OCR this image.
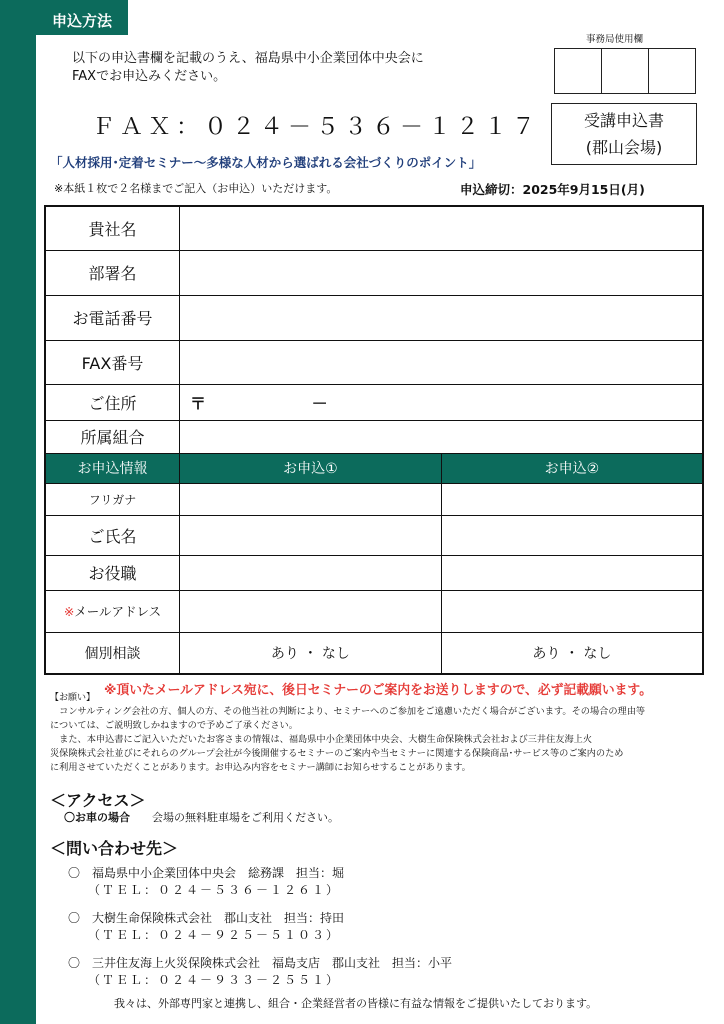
申込方法
以下の申込書欄を記載のうえ、福島県中小企業団体中央会に
FAXでお申込みください。
ＦＡＸ：０２４－５３６－１２１７
事務局使用欄
受講申込書
(郡山会場)
「人材採用･定着セミナー～多様な人材から選ばれる会社づくりのポイント」
※本紙１枚で２名様までご記入（お申込）いただけます。	申込締切：2025年9月15日(月)
貴社名		
部署名		
お電話番号		
FAX番号		
ご住所	〒 －	
所属組合		
お申込情報	お申込①	お申込②
フリガナ		
ご氏名		
お役職		
※メールアドレス		
個別相談	あり ・ なし	あり ・ なし
※頂いたメールアドレス宛に、後日セミナーのご案内をお送りしますので、必ず記載願います。
【お願い】

　コンサルティング会社の方、個人の方、その他当社の判断により、セミナーへのご参加をご遠慮いただく場合がございます。その場合の理由等

については、ご説明致しかねますので予めご了承ください。

　また、本申込書にご記入いただいたお客さまの情報は、福島県中小企業団体中央会、大樹生命保険株式会社および三井住友海上火

災保険株式会社並びにそれらのグループ会社が今後開催するセミナーのご案内や当セミナーに関連する保険商品･サービス等のご案内のため

に利用させていただくことがあります。お申込み内容をセミナー講師にお知らせすることがあります。

＜アクセス＞
〇お車の場合 会場の無料駐車場をご利用ください。
＜問い合わせ先＞
〇　福島県中小企業団体中央会　総務課　担当：堀
（ＴＥＬ：０２４－５３６－１２６１）
〇　大樹生命保険株式会社　郡山支社　担当：持田
（ＴＥＬ：０２４－９２５－５１０３）
〇　三井住友海上火災保険株式会社　福島支店　郡山支社　担当：小平
（ＴＥＬ：０２４－９３３－２５５１）
我々は、外部専門家と連携し、組合・企業経営者の皆様に有益な情報をご提供いたしております。
